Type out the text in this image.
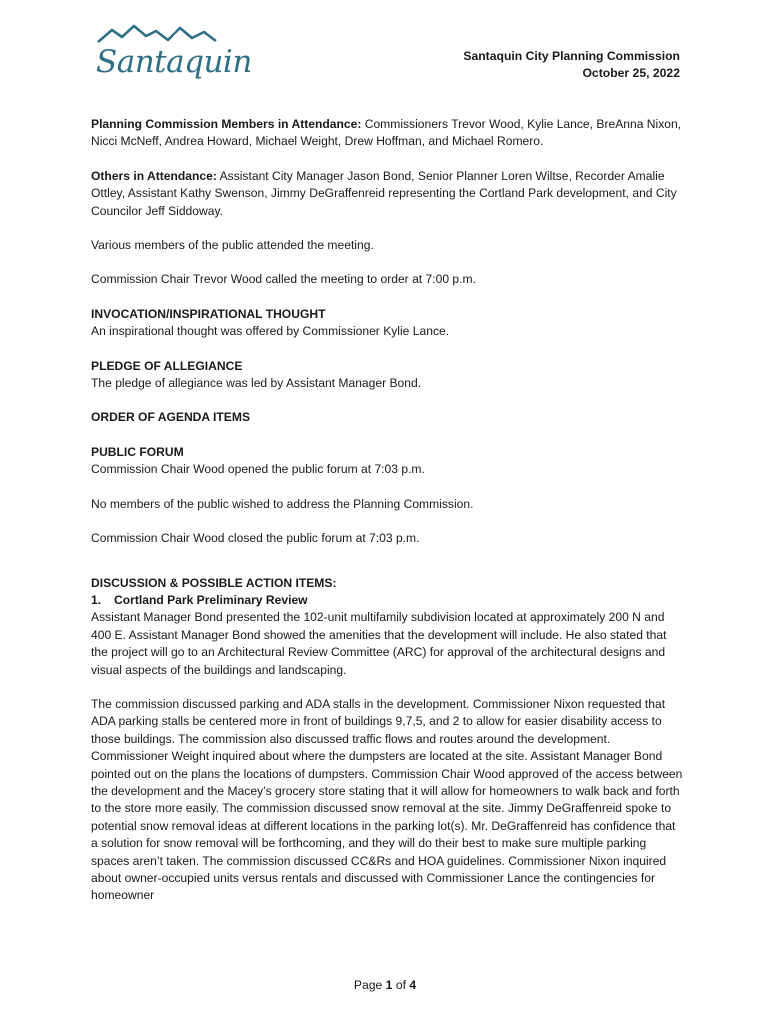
Santaquin	Santaquin City Planning Commission
October 25, 2022

Planning Commission Members in Attendance: Commissioners Trevor Wood, Kylie Lance, BreAnna Nixon, Nicci McNeff, Andrea Howard, Michael Weight, Drew Hoffman, and Michael Romero.

Others in Attendance: Assistant City Manager Jason Bond, Senior Planner Loren Wiltse, Recorder Amalie Ottley, Assistant Kathy Swenson, Jimmy DeGraffenreid representing the Cortland Park development, and City Councilor Jeff Siddoway.

Various members of the public attended the meeting.

Commission Chair Trevor Wood called the meeting to order at 7:00 p.m.

INVOCATION/INSPIRATIONAL THOUGHT

An inspirational thought was offered by Commissioner Kylie Lance.

PLEDGE OF ALLEGIANCE

The pledge of allegiance was led by Assistant Manager Bond.

ORDER OF AGENDA ITEMS

PUBLIC FORUM

Commission Chair Wood opened the public forum at 7:03 p.m.

No members of the public wished to address the Planning Commission.

Commission Chair Wood closed the public forum at 7:03 p.m.

DISCUSSION & POSSIBLE ACTION ITEMS:

1.	Cortland Park Preliminary Review

Assistant Manager Bond presented the 102-unit multifamily subdivision located at approximately 200 N and 400 E. Assistant Manager Bond showed the amenities that the development will include. He also stated that the project will go to an Architectural Review Committee (ARC) for approval of the architectural designs and visual aspects of the buildings and landscaping.

The commission discussed parking and ADA stalls in the development. Commissioner Nixon requested that ADA parking stalls be centered more in front of buildings 9,7,5, and 2 to allow for easier disability access to those buildings. The commission also discussed traffic flows and routes around the development. Commissioner Weight inquired about where the dumpsters are located at the site. Assistant Manager Bond pointed out on the plans the locations of dumpsters. Commission Chair Wood approved of the access between the development and the Macey’s grocery store stating that it will allow for homeowners to walk back and forth to the store more easily. The commission discussed snow removal at the site. Jimmy DeGraffenreid spoke to potential snow removal ideas at different locations in the parking lot(s). Mr. DeGraffenreid has confidence that a solution for snow removal will be forthcoming, and they will do their best to make sure multiple parking spaces aren’t taken. The commission discussed CC&Rs and HOA guidelines. Commissioner Nixon inquired about owner-occupied units versus rentals and discussed with Commissioner Lance the contingencies for homeowner

Page 1 of 4
